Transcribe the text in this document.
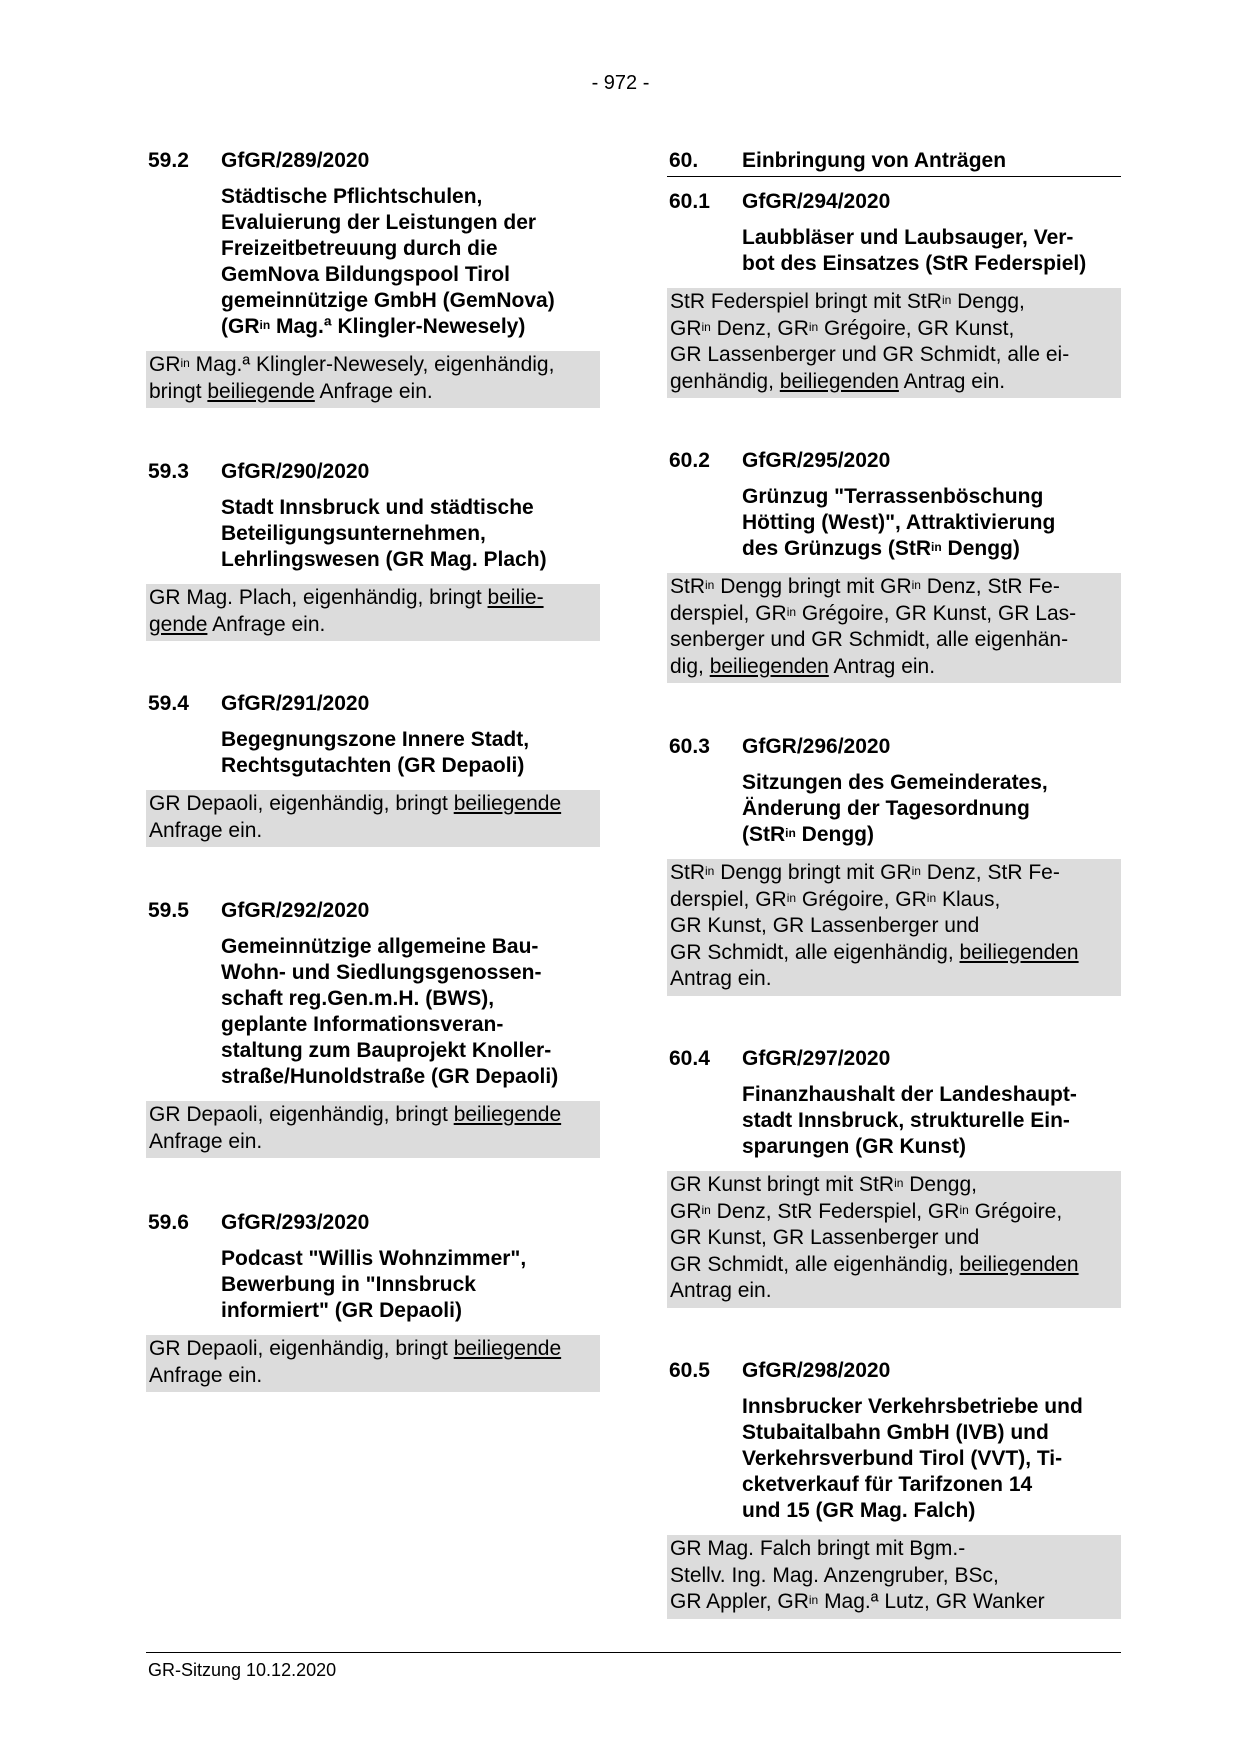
- 972 -
59.2 GfGR/289/2020
Städtische Pflichtschulen, Evaluierung der Leistungen der Freizeitbetreuung durch die GemNova Bildungspool Tirol gemeinnützige GmbH (GemNova) ($GR^{in}$ Mag.ª Klingler-Newesely)
$GR^{in}$ Mag.ª Klingler-Newesely, eigenhändig, bringt beiliegende Anfrage ein.
59.3 GfGR/290/2020
Stadt Innsbruck und städtische Beteiligungsunternehmen, Lehrlingswesen (GR Mag. Plach)
GR Mag. Plach, eigenhändig, bringt beilie-
gende Anfrage ein.
59.4 GfGR/291/2020
Begegnungszone Innere Stadt, Rechtsgutachten (GR Depaoli)
GR Depaoli, eigenhändig, bringt beiliegende
Anfrage ein.
59.5 GfGR/292/2020
Gemeinnützige allgemeine Bau-
Wohn- und Siedlungsgenossen-
schaft reg.Gen.m.H. (BWS),
geplante Informationsveran-
staltung zum Bauprojekt Knoller-
straße/Hunoldstraße (GR Depaoli)
GR Depaoli, eigenhändig, bringt beiliegende
Anfrage ein.
59.6 GfGR/293/2020
Podcast "Willis Wohnzimmer",
Bewerbung in "Innsbruck
informiert" (GR Depaoli)
GR Depaoli, eigenhändig, bringt beiliegende
Anfrage ein.
60. Einbringung von Anträgen
60.1 GfGR/294/2020
Laubbläser und Laubsauger, Ver-
bot des Einsatzes (StR Federspiel)
StR Federspiel bringt mit StR$^{in}$ Dengg,
$GR^{in}$ Denz, $GR^{in}$ Grégoire, GR Kunst,
GR Lassenberger und GR Schmidt, alle ei-
genhändig, beiliegenden Antrag ein.
60.2 GfGR/295/2020
Grünzug "Terrassenböschung
Hötting (West)", Attraktivierung
des Grünzugs (StR$^{in}$ Dengg)
StR$^{in}$ Dengg bringt mit $GR^{in}$ Denz, StR Fe-
derspiel, $GR^{in}$ Grégoire, GR Kunst, GR Las-
senberger und GR Schmidt, alle eigenhän-
dig, beiliegenden Antrag ein.
60.3 GfGR/296/2020
Sitzungen des Gemeinderates,
Änderung der Tagesordnung
(StR$^{in}$ Dengg)
StR$^{in}$ Dengg bringt mit $GR^{in}$ Denz, StR Fe-
derspiel, $GR^{in}$ Grégoire, $GR^{in}$ Klaus,
GR Kunst, GR Lassenberger und
GR Schmidt, alle eigenhändig, beiliegenden
Antrag ein.
60.4 GfGR/297/2020
Finanzhaushalt der Landeshaupt-
stadt Innsbruck, strukturelle Ein-
sparungen (GR Kunst)
GR Kunst bringt mit StR$^{in}$ Dengg,
$GR^{in}$ Denz, StR Federspiel, $GR^{in}$ Grégoire,
GR Kunst, GR Lassenberger und
GR Schmidt, alle eigenhändig, beiliegenden
Antrag ein.
60.5 GfGR/298/2020
Innsbrucker Verkehrsbetriebe und
Stubaitalbahn GmbH (IVB) und
Verkehrsverbund Tirol (VVT), Ti-
cketverkauf für Tarifzonen 14
und 15 (GR Mag. Falch)
GR Mag. Falch bringt mit Bgm.-
Stellv. Ing. Mag. Anzengruber, BSc,
GR Appler, $GR^{in}$ Mag.ª Lutz, GR Wanker
GR-Sitzung 10.12.2020
